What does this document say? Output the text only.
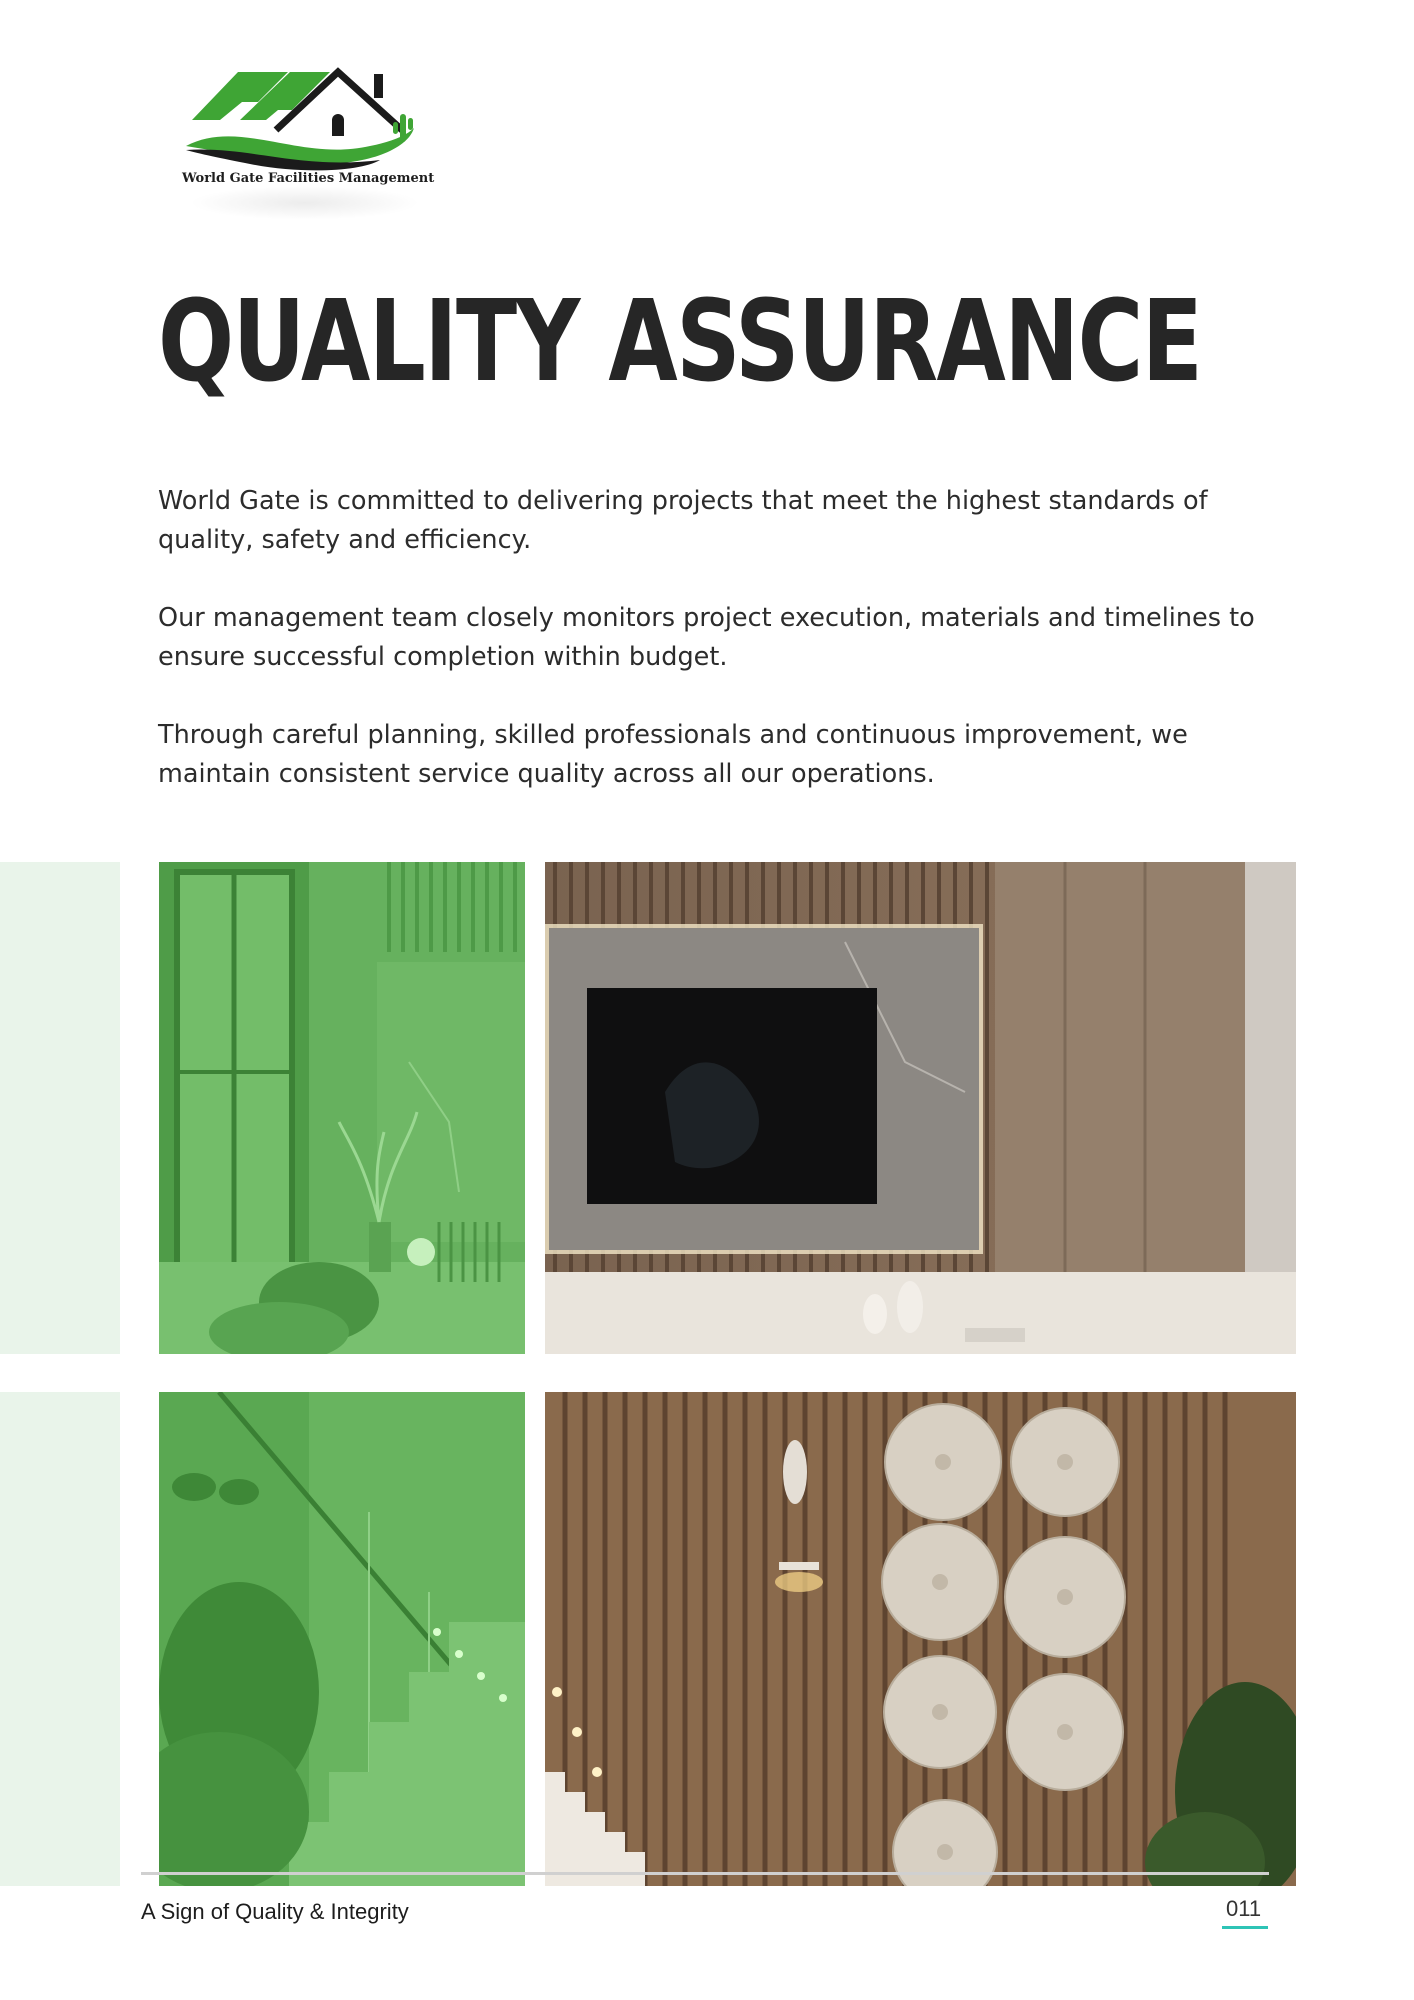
World Gate Facilities Management
QUALITY ASSURANCE

World Gate is committed to delivering projects that meet the highest standards of quality, safety and efficiency.

Our management team closely monitors project execution, materials and timelines to ensure successful completion within budget.

Through careful planning, skilled professionals and continuous improvement, we maintain consistent service quality across all our operations.

A Sign of Quality & Integrity	011
